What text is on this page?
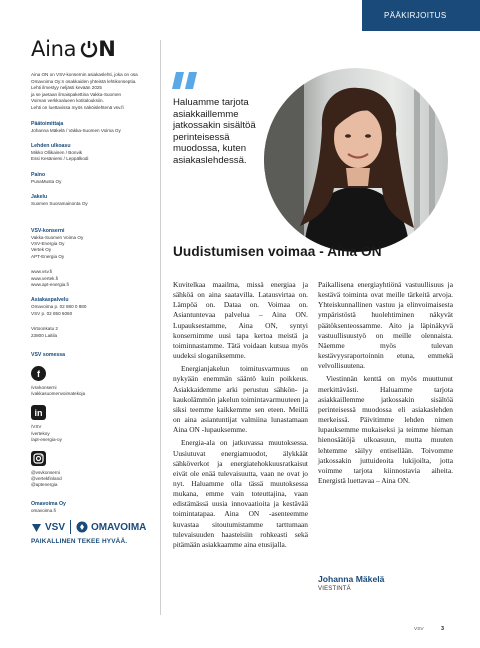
PÄÄKIRJOITUS
Aina N
Aina ON on VSV-konsernin asiakaslehti, joka on osa
Omavoima Oy:n osakkaiden yhteistä lehtikonseptia.
Lehti ilmestyy neljästi kevään 2025
ja se jaetaan ilmaispakettina Vakka-Suomen
Voiman verkkoalueen kotitalouksiin.
Lehti on luettavissa myös näköislehtenä vsv.fi
Päätoimittaja
Johanna Mäkelä / Vakka-Suomen Voima Oy
Lehden ulkoasu
Mikko Ollikainen / Bonvik
Essi Kesäniemi / Leppälkodi
Paino
PunaMusta Oy
Jakelu
Suomen Suoramainonta Oy
VSV-konserni
Vakka-Suomen Voima Oy
VSV-Energia Oy
Vertek Oy
APT-Energia Oy
www.vsv.fi
www.vertek.fi
www.apt-energia.fi
Asiakaspalvelu
Omavoima p. 02 880 0 880
VSV p. 02 850 6060
Virtoonkatu 2
23800 Laitila
VSV somessa
f
/vsvkonserni
/vakkasuomenvoimatekoja
in
/VSV
/vertekoy
/apt-energia-oy
@vsvkonserni
@vertekfinland
@aptenergia
Omavoima Oy
omavoima.fi
VSV	OMAVOIMA
PAIKALLINEN TEKEE HYVÄÄ.
Haluamme tarjota asiakkaillemme jatkossakin sisältöä perinteisessä muodossa, kuten asiakaslehdessä.
Uudistumisen voimaa - Aina ON

Kuvitelkaa maailma, missä energiaa ja sähköä on aina saatavilla. Latausvirtaa on. Lämpöä on. Dataa on. Voimaa on. Asiantuntevaa palvelua – Aina ON. Lupauksestamme, Aina ON, syntyi konsernimme uusi tapa kertoa meistä ja toiminnastamme. Tätä voidaan kutsua myös uudeksi sloganiksemme.

Energianjakelun toimitusvarmuus on nykyään enemmän sääntö kuin poikkeus. Asiakkaidemme arki perustuu sähkön- ja kaukolämmön jakelun toimintavarmuuteen ja siksi teemme kaikkemme sen eteen. Meillä on aina asiantuntijat valmiina lunastamaan Aina ON -lupauksemme.

Energia-ala on jatkuvassa muutoksessa. Uusiutuvat energiamuodot, älykkäät sähköverkot ja energiatehokkuusratkaisut eivät ole enää tulevaisuutta, vaan ne ovat jo nyt. Haluamme olla tässä muutoksessa mukana, emme vain toteuttajina, vaan edistämässä uusia innovaatioita ja kestävää toimintatapaa. Aina ON -asenteemme kuvastaa sitoutumistamme tarttumaan tulevaisuuden haasteisiin rohkeasti sekä pitämään asiakkaamme aina etusijalla.

Paikallisena energiayhtiönä vastuullisuus ja kestävä toiminta ovat meille tärkeitä arvoja. Yhteiskunnallinen vastuu ja elinvoimaisesta ympäristöstä huolehtiminen näkyvät päätöksenteossamme. Aito ja läpinäkyvä vastuullisuustyö on meille olennaista. Näemme myös tulevan kestävyysraportoinnin etuna, emmekä velvollisuutena.

Viestinnän kenttä on myös muuttunut merkittävästi. Haluamme tarjota asiakkaillemme jatkossakin sisältöä perinteisessä muodossa eli asiakaslehden merkeissä. Päivitimme lehden nimen lupauksemme mukaiseksi ja teimme hieman hienosäätöjä ulkoasuun, mutta muuten lehtemme säilyy entisellään. Toivomme jatkossakin juttuideoita lukijoilta, jotta voimme tarjota kiinnostavia aiheita. Energistä luettavaa – Aina ON.

Johanna Mäkelä
VIESTINTÄ
VSV	3
